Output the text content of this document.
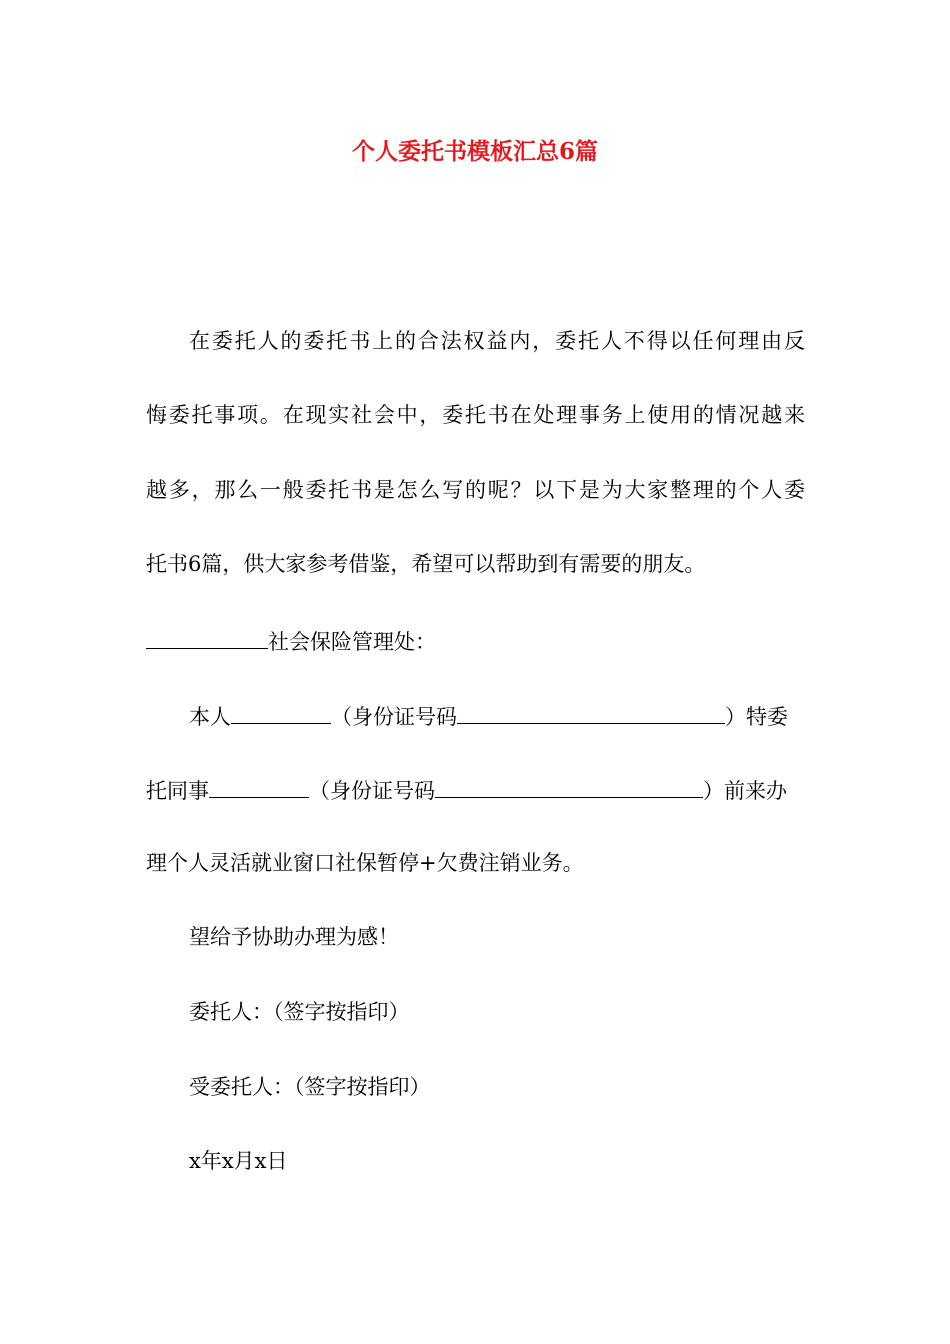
个人委托书模板汇总6篇
在委托人的委托书上的合法权益内，委托人不得以任何理由反
悔委托事项。在现实社会中，委托书在处理事务上使用的情况越来
越多，那么一般委托书是怎么写的呢？以下是为大家整理的个人委
托书6篇，供大家参考借鉴，希望可以帮助到有需要的朋友。
社会保险管理处：
本人	（身份证号码	）特委
托同事	（身份证号码	）前来办
理个人灵活就业窗口社保暂停+欠费注销业务。
望给予协助办理为感！
委托人：（签字按指印）
受委托人：（签字按指印）
x年x月x日
